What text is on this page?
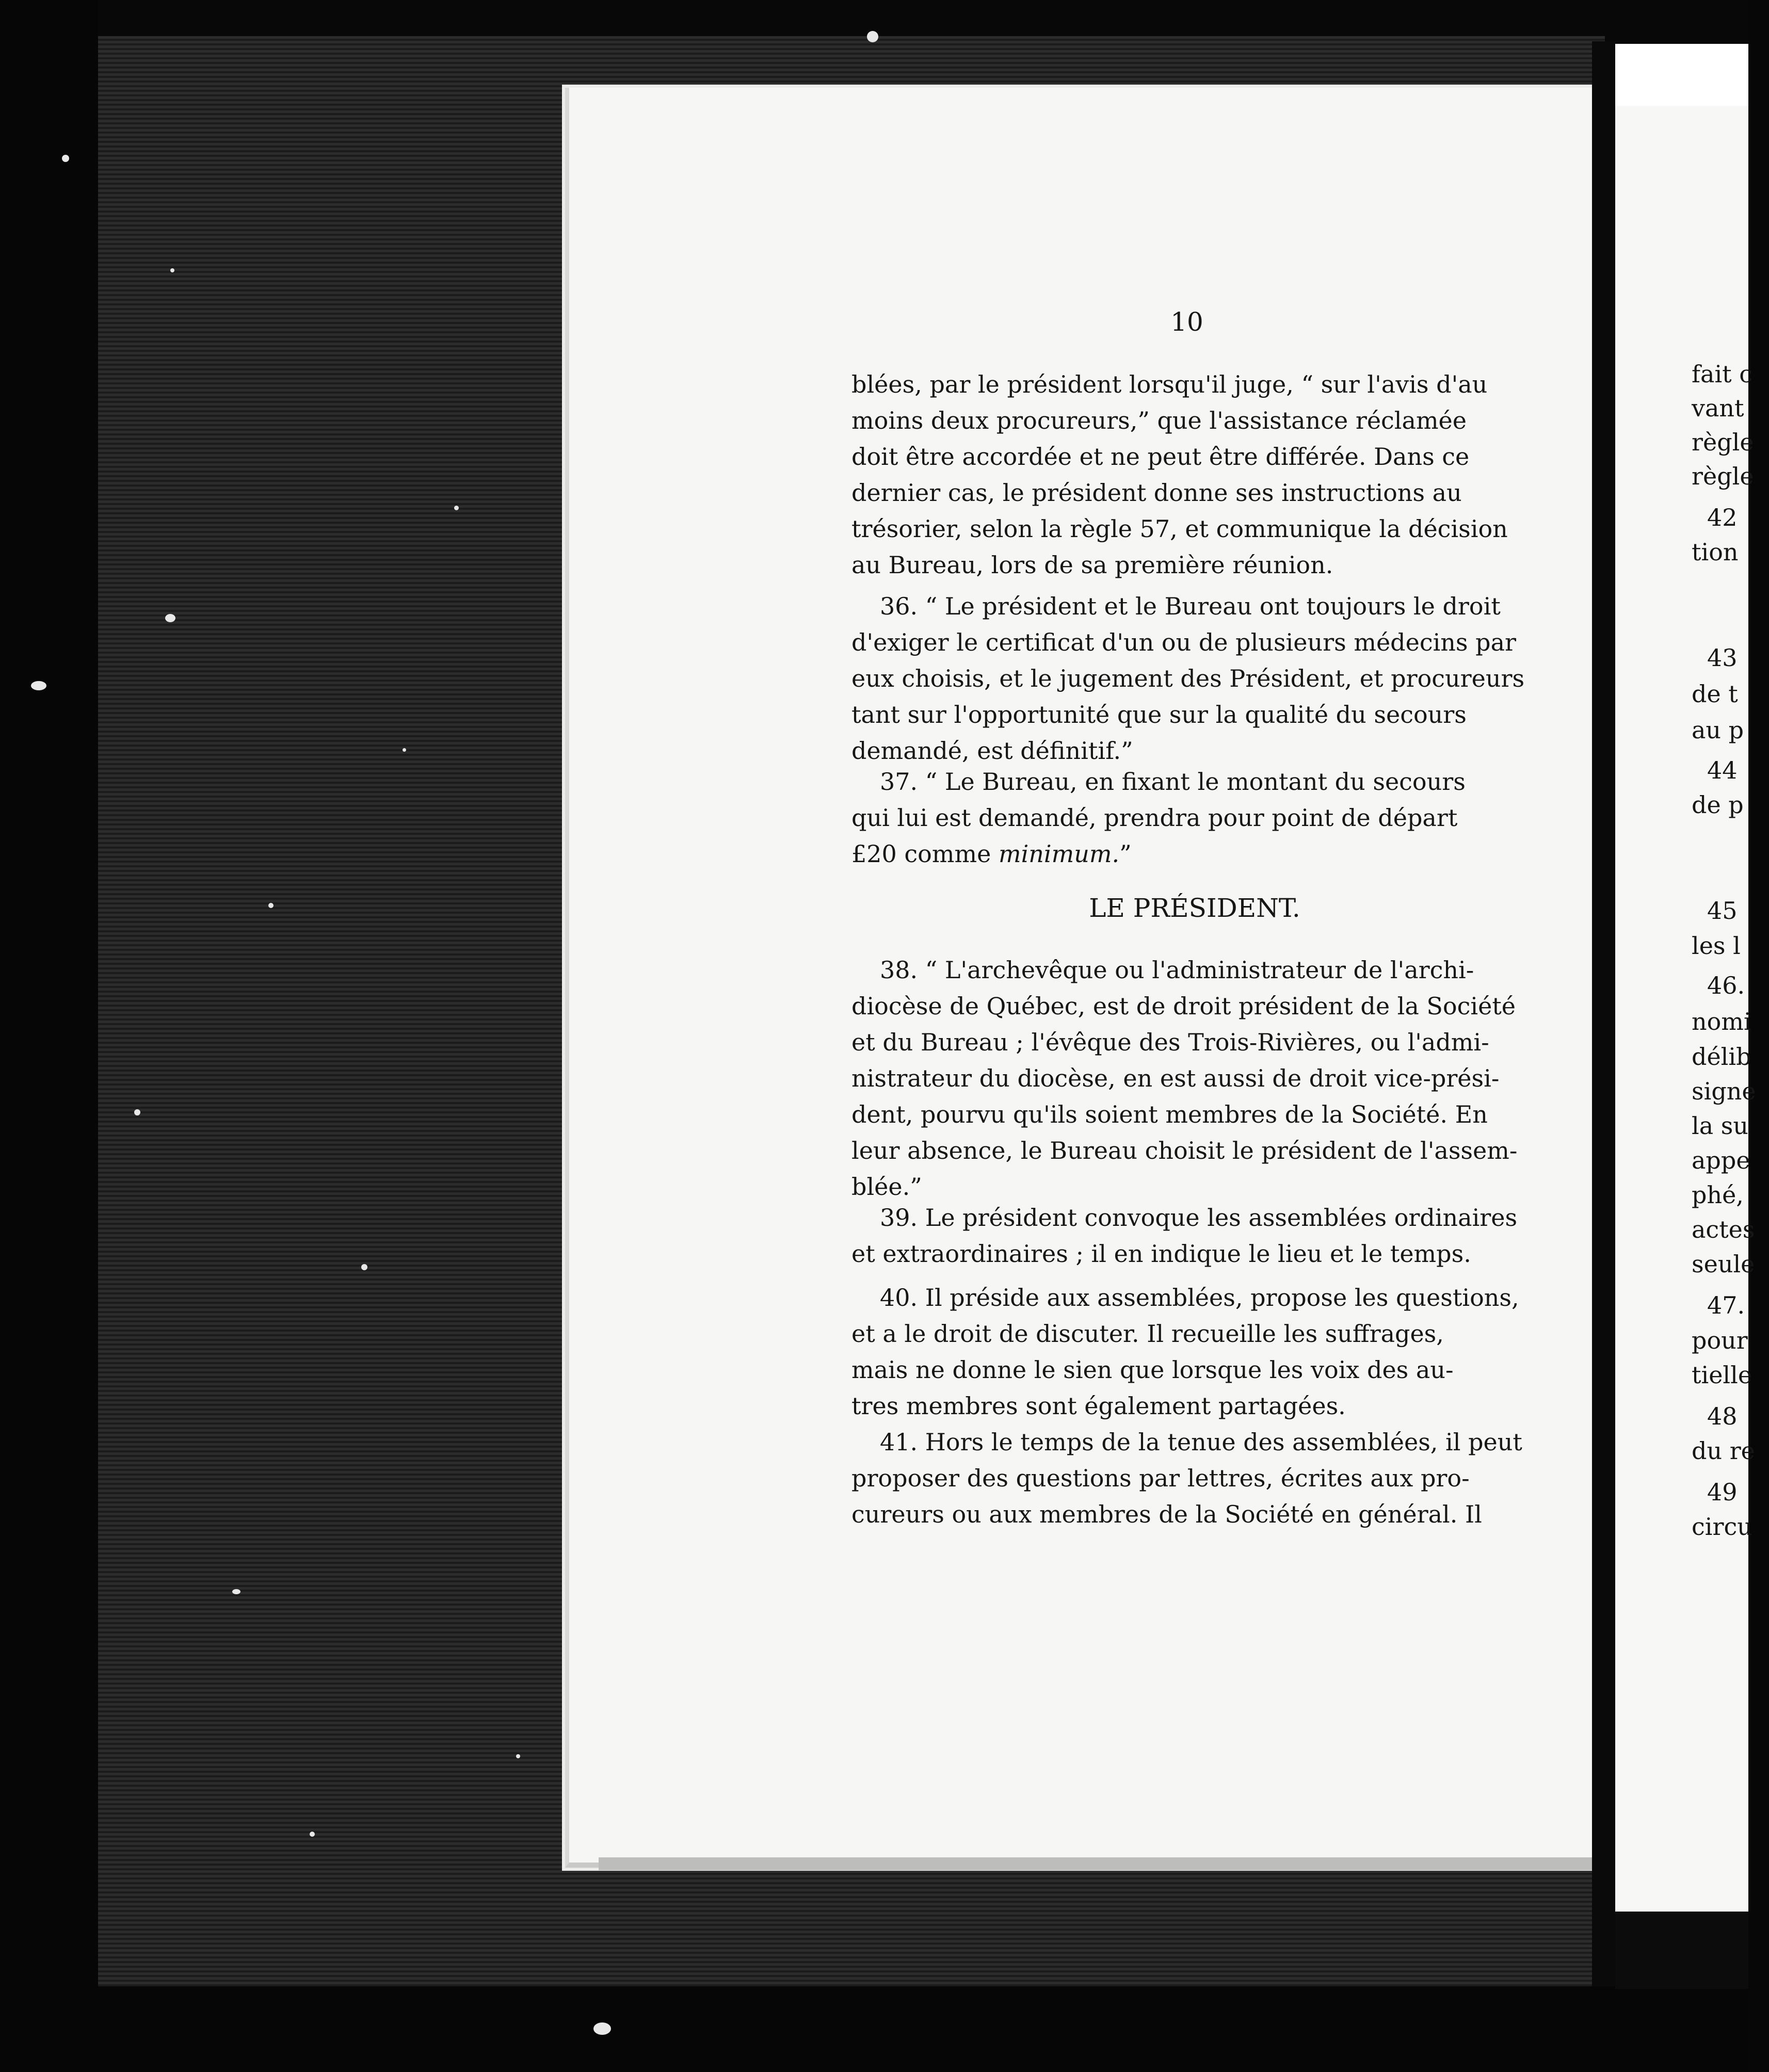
10
blées, par le président lorsqu'il juge, “ sur l'avis d'au
moins deux procureurs,” que l'assistance réclamée
doit être accordée et ne peut être différée. Dans ce
dernier cas, le président donne ses instructions au
trésorier, selon la règle 57, et communique la décision
au Bureau, lors de sa première réunion.
36. “ Le président et le Bureau ont toujours le droit
d'exiger le certificat d'un ou de plusieurs médecins par
eux choisis, et le jugement des Président, et procureurs
tant sur l'opportunité que sur la qualité du secours
demandé, est définitif.”
37. “ Le Bureau, en fixant le montant du secours
qui lui est demandé, prendra pour point de départ
£20 comme minimum.”
LE PRÉSIDENT.
38. “ L'archevêque ou l'administrateur de l'archi-
diocèse de Québec, est de droit président de la Société
et du Bureau ; l'évêque des Trois-Rivières, ou l'admi-
nistrateur du diocèse, en est aussi de droit vice-prési-
dent, pourvu qu'ils soient membres de la Société. En
leur absence, le Bureau choisit le président de l'assem-
blée.”
39. Le président convoque les assemblées ordinaires
et extraordinaires ; il en indique le lieu et le temps.
40. Il préside aux assemblées, propose les questions,
et a le droit de discuter. Il recueille les suffrages,
mais ne donne le sien que lorsque les voix des au-
tres membres sont également partagées.
41. Hors le temps de la tenue des assemblées, il peut
proposer des questions par lettres, écrites aux pro-
cureurs ou aux membres de la Société en général. Il
fait c
vant
règle
règle
42
tion
43
de t
au p
44
de p
45
les l
46.
nomi
délib
signe
la su
appe
phé,
actes
seule
47.
pour
tielle
48
du re
49
circu
